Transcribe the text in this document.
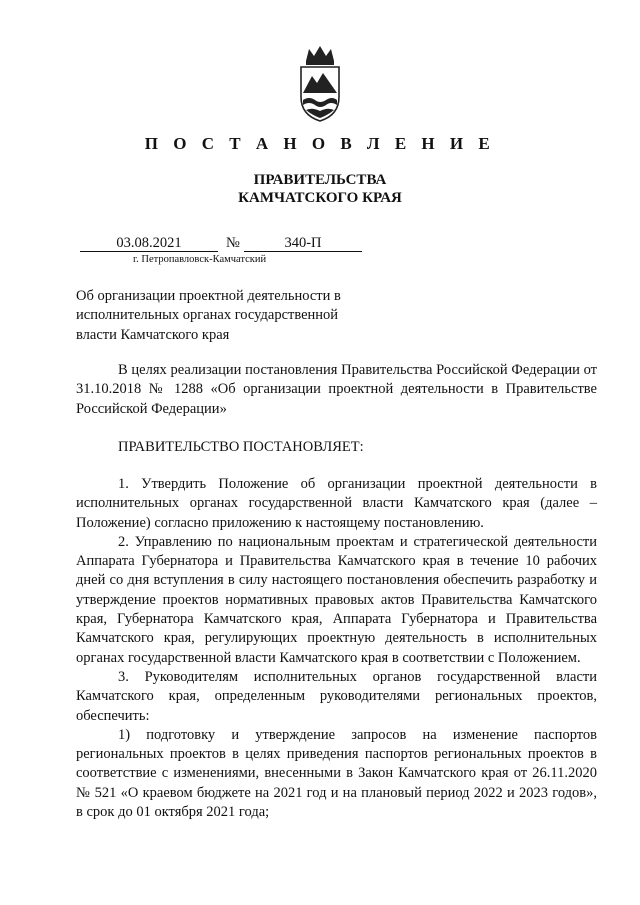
П О С Т А Н О В Л Е Н И Е
ПРАВИТЕЛЬСТВА
КАМЧАТСКОГО КРАЯ
03.08.2021	№	340-П
г. Петропавловск-Камчатский
Об организации проектной деятельности в исполнительных органах государственной власти Камчатского края

В целях реализации постановления Правительства Российской Федерации от 31.10.2018 № 1288 «Об организации проектной деятельности в Правительстве Российской Федерации»

ПРАВИТЕЛЬСТВО ПОСТАНОВЛЯЕТ:

1. Утвердить Положение об организации проектной деятельности в исполнительных органах государственной власти Камчатского края (далее – Положение) согласно приложению к настоящему постановлению.

2. Управлению по национальным проектам и стратегической деятельности Аппарата Губернатора и Правительства Камчатского края в течение 10 рабочих дней со дня вступления в силу настоящего постановления обеспечить разработку и утверждение проектов нормативных правовых актов Правительства Камчатского края, Губернатора Камчатского края, Аппарата Губернатора и Правительства Камчатского края, регулирующих проектную деятельность в исполнительных органах государственной власти Камчатского края в соответствии с Положением.

3. Руководителям исполнительных органов государственной власти Камчатского края, определенным руководителями региональных проектов, обеспечить:

1) подготовку и утверждение запросов на изменение паспортов региональных проектов в целях приведения паспортов региональных проектов в соответствие с изменениями, внесенными в Закон Камчатского края от 26.11.2020 № 521 «О краевом бюджете на 2021 год и на плановый период 2022 и 2023 годов», в срок до 01 октября 2021 года;
